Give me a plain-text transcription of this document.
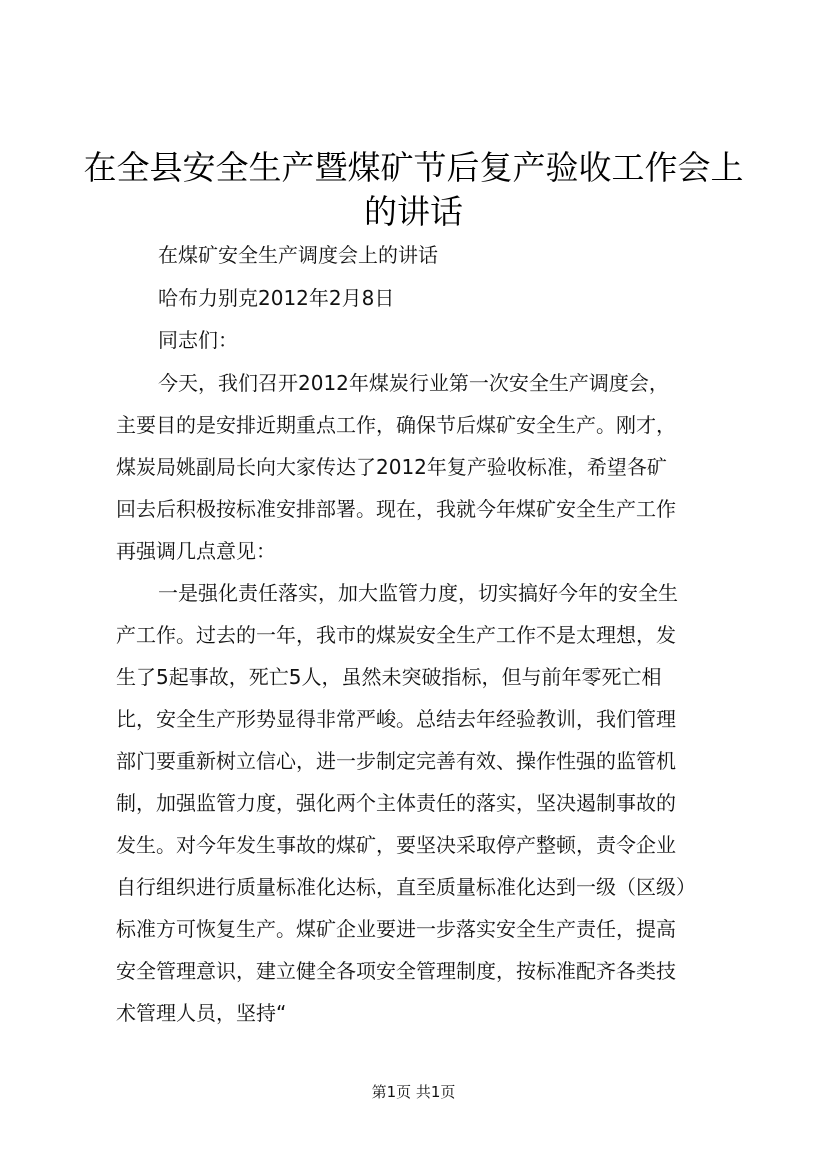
在全县安全生产暨煤矿节后复产验收工作会上
的讲话
在煤矿安全生产调度会上的讲话
哈布力别克2012年2月8日
同志们：
今天，我们召开2012年煤炭行业第一次安全生产调度会，
主要目的是安排近期重点工作，确保节后煤矿安全生产。刚才，
煤炭局姚副局长向大家传达了2012年复产验收标准，希望各矿
回去后积极按标准安排部署。现在，我就今年煤矿安全生产工作
再强调几点意见：
一是强化责任落实，加大监管力度，切实搞好今年的安全生
产工作。过去的一年，我市的煤炭安全生产工作不是太理想，发
生了5起事故，死亡5人，虽然未突破指标，但与前年零死亡相
比，安全生产形势显得非常严峻。总结去年经验教训，我们管理
部门要重新树立信心，进一步制定完善有效、操作性强的监管机
制，加强监管力度，强化两个主体责任的落实，坚决遏制事故的
发生。对今年发生事故的煤矿，要坚决采取停产整顿，责令企业
自行组织进行质量标准化达标，直至质量标准化达到一级（区级）
标准方可恢复生产。煤矿企业要进一步落实安全生产责任，提高
安全管理意识，建立健全各项安全管理制度，按标准配齐各类技
术管理人员，坚持“
第1页 共1页
